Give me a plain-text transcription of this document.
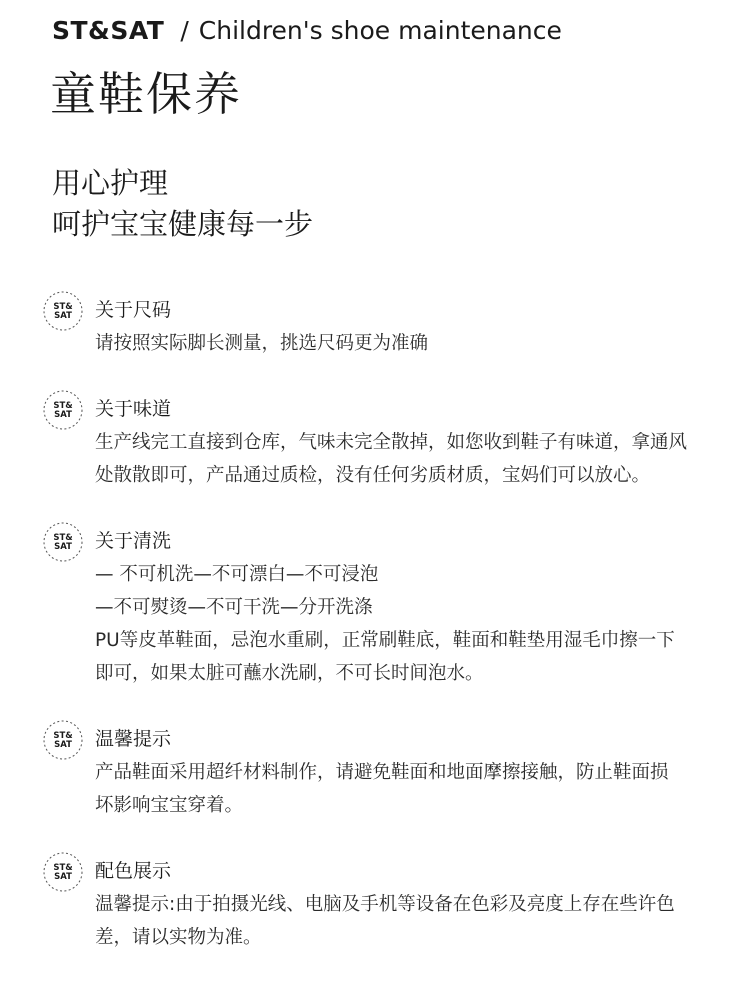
ST&SAT / Children's shoe maintenance
童鞋保养

用心护理

呵护宝宝健康每一步

ST&
SAT 关于尺码
请按照实际脚长测量，挑选尺码更为准确
ST&
SAT 关于味道
生产线完工直接到仓库，气味未完全散掉，如您收到鞋子有味道，拿通风
处散散即可，产品通过质检，没有任何劣质材质，宝妈们可以放心。
ST&
SAT 关于清洗
— 不可机洗—不可漂白—不可浸泡
—不可熨烫—不可干洗—分开洗涤
PU等皮革鞋面，忌泡水重刷，正常刷鞋底，鞋面和鞋垫用湿毛巾擦一下
即可，如果太脏可蘸水洗刷，不可长时间泡水。
ST&
SAT 温馨提示
产品鞋面采用超纤材料制作，请避免鞋面和地面摩擦接触，防止鞋面损
坏影响宝宝穿着。
ST&
SAT 配色展示
温馨提示:由于拍摄光线、电脑及手机等设备在色彩及亮度上存在些许色
差，请以实物为准。
